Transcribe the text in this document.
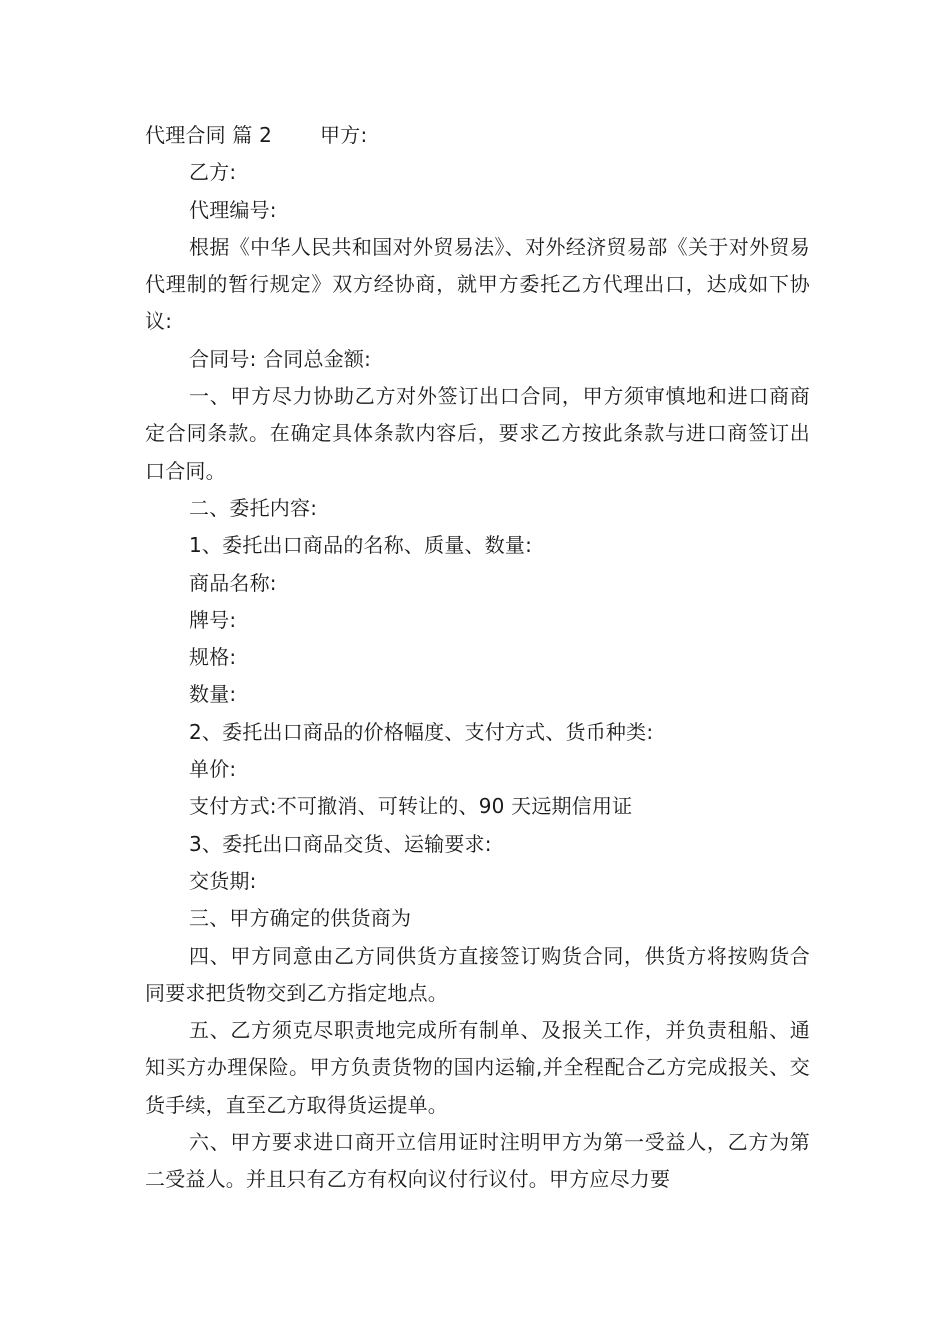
代理合同 篇 2 甲方:

乙方:

代理编号:

根据《中华人民共和国对外贸易法》、对外经济贸易部《关于对外贸易代理制的暂行规定》双方经协商，就甲方委托乙方代理出口，达成如下协议:

合同号: 合同总金额:

一、甲方尽力协助乙方对外签订出口合同，甲方须审慎地和进口商商定合同条款。在确定具体条款内容后，要求乙方按此条款与进口商签订出口合同。

二、委托内容:

1、委托出口商品的名称、质量、数量:

商品名称:

牌号:

规格:

数量:

2、委托出口商品的价格幅度、支付方式、货币种类:

单价:

支付方式:不可撤消、可转让的、90 天远期信用证

3、委托出口商品交货、运输要求:

交货期:

三、甲方确定的供货商为

四、甲方同意由乙方同供货方直接签订购货合同，供货方将按购货合同要求把货物交到乙方指定地点。

五、乙方须克尽职责地完成所有制单、及报关工作，并负责租船、通知买方办理保险。甲方负责货物的国内运输,并全程配合乙方完成报关、交货手续，直至乙方取得货运提单。

六、甲方要求进口商开立信用证时注明甲方为第一受益人，乙方为第二受益人。并且只有乙方有权向议付行议付。甲方应尽力要
